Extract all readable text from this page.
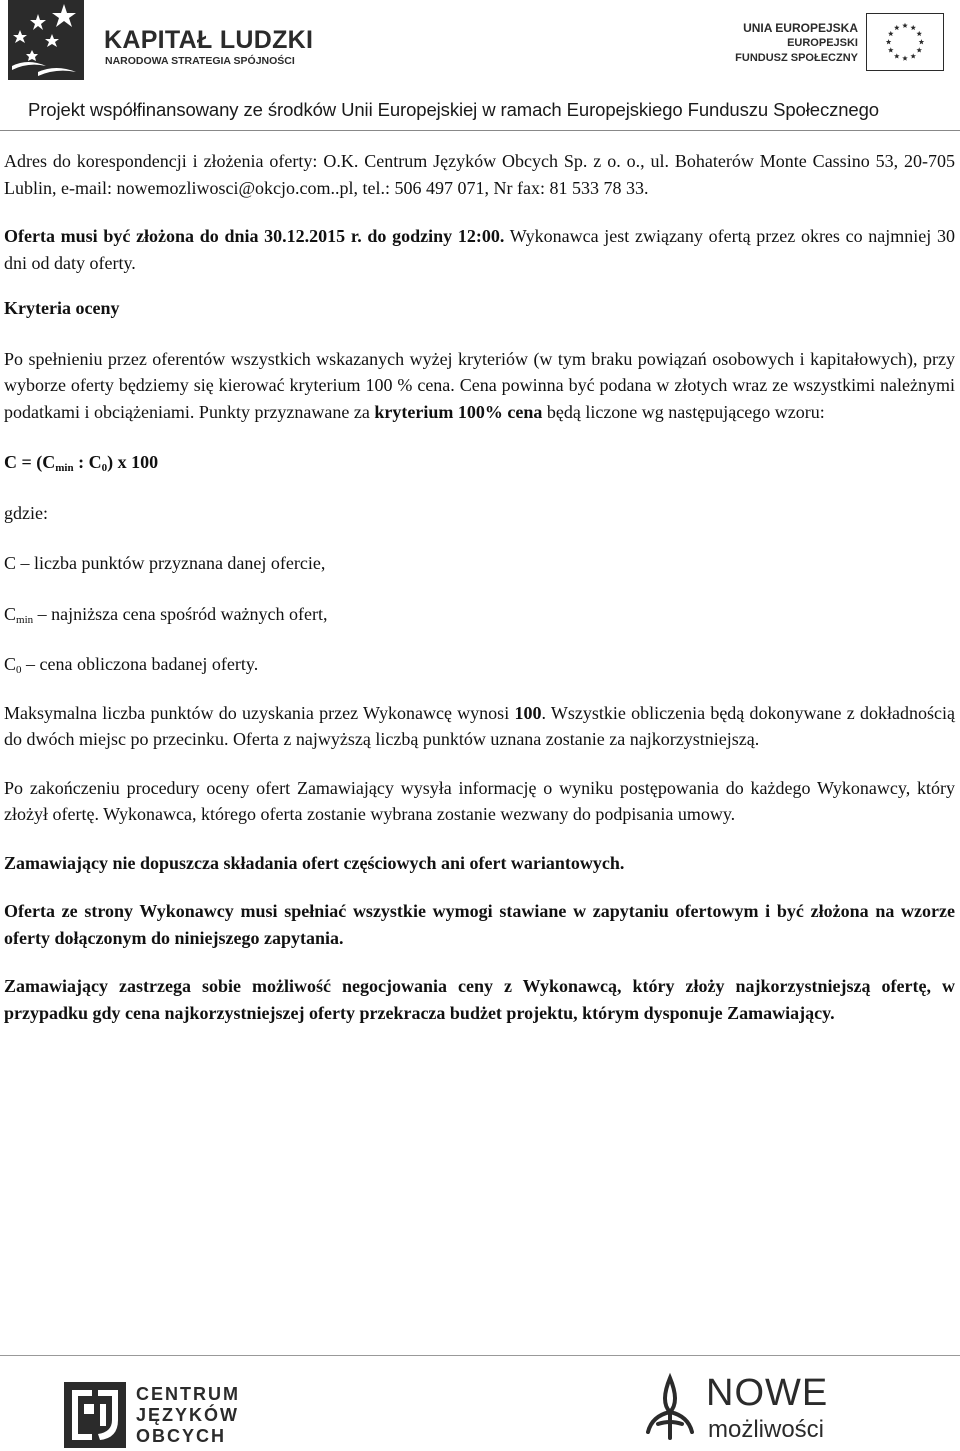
KAPITAŁ LUDZKI
NARODOWA STRATEGIA SPÓJNOŚCI
UNIA EUROPEJSKA
EUROPEJSKI
FUNDUSZ SPOŁECZNY
Projekt współfinansowany ze środków Unii Europejskiej w ramach Europejskiego Funduszu Społecznego

Adres do korespondencji i złożenia oferty: O.K. Centrum Języków Obcych Sp. z o. o., ul. Bohaterów Monte Cassino 53, 20-705 Lublin, e-mail: nowemozliwosci@okcjo.com..pl, tel.: 506 497 071, Nr fax: 81 533 78 33.

Oferta musi być złożona do dnia 30.12.2015 r. do godziny 12:00. Wykonawca jest związany ofertą przez okres co najmniej 30 dni od daty oferty.

Kryteria oceny

Po spełnieniu przez oferentów wszystkich wskazanych wyżej kryteriów (w tym braku powiązań osobowych i kapitałowych), przy wyborze oferty będziemy się kierować kryterium 100 % cena. Cena powinna być podana w złotych wraz ze wszystkimi należnymi podatkami i obciążeniami. Punkty przyznawane za kryterium 100% cena będą liczone wg następującego wzoru:

$C = (C_{min}$ : $C_0$) x 100

gdzie:

C – liczba punktów przyznana danej ofercie,

$C_{min}$ – najniższa cena spośród ważnych ofert,

$C_0$ – cena obliczona badanej oferty.

Maksymalna liczba punktów do uzyskania przez Wykonawcę wynosi 100. Wszystkie obliczenia będą dokonywane z dokładnością do dwóch miejsc po przecinku. Oferta z najwyższą liczbą punktów uznana zostanie za najkorzystniejszą.

Po zakończeniu procedury oceny ofert Zamawiający wysyła informację o wyniku postępowania do każdego Wykonawcy, który złożył ofertę. Wykonawca, którego oferta zostanie wybrana zostanie wezwany do podpisania umowy.

Zamawiający nie dopuszcza składania ofert częściowych ani ofert wariantowych.

Oferta ze strony Wykonawcy musi spełniać wszystkie wymogi stawiane w zapytaniu ofertowym i być złożona na wzorze oferty dołączonym do niniejszego zapytania.

Zamawiający zastrzega sobie możliwość negocjowania ceny z Wykonawcą, który złoży najkorzystniejszą ofertę, w przypadku gdy cena najkorzystniejszej oferty przekracza budżet projektu, którym dysponuje Zamawiający.

CENTRUM
JĘZYKÓW
OBCYCH
NOWE
możliwości
